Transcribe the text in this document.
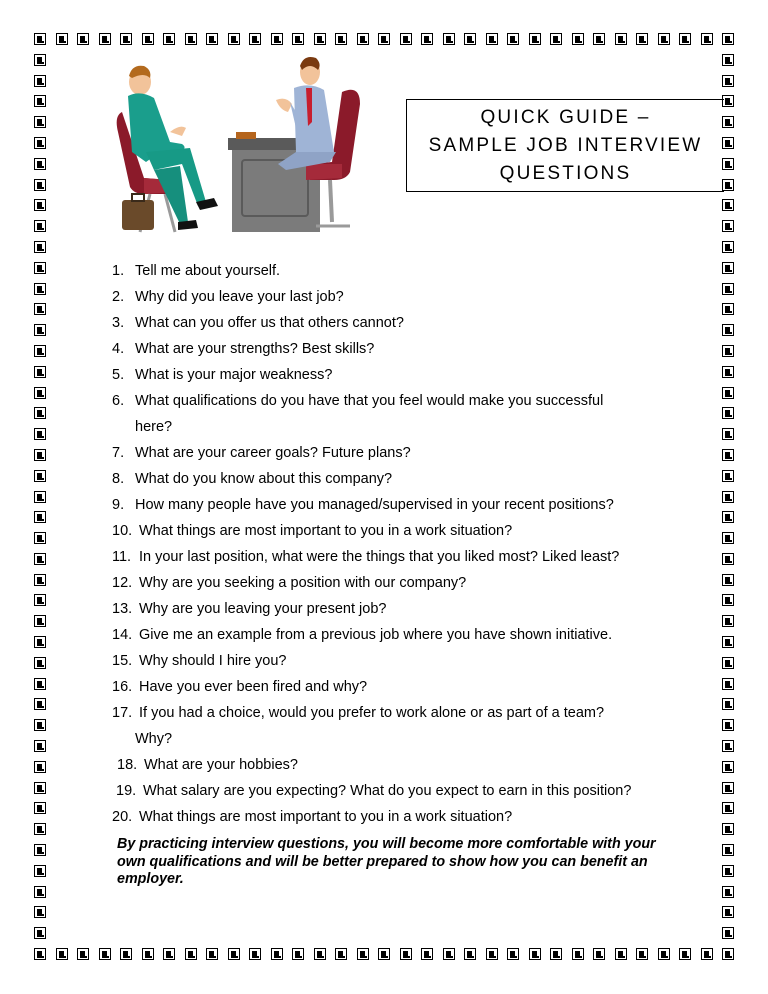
QUICK GUIDE –
SAMPLE JOB INTERVIEW
QUESTIONS
1. Tell me about yourself.
2. Why did you leave your last job?
3. What can you offer us that others cannot?
4. What are your strengths? Best skills?
5. What is your major weakness?
6. What qualifications do you have that you feel would make you successful here?
7. What are your career goals? Future plans?
8. What do you know about this company?
9. How many people have you managed/supervised in your recent positions?
10. What things are most important to you in a work situation?
11. In your last position, what were the things that you liked most? Liked least?
12. Why are you seeking a position with our company?
13. Why are you leaving your present job?
14. Give me an example from a previous job where you have shown initiative.
15. Why should I hire you?
16. Have you ever been fired and why?
17. If you had a choice, would you prefer to work alone or as part of a team? Why?
18. What are your hobbies?
19. What salary are you expecting? What do you expect to earn in this position?
20. What things are most important to you in a work situation?
By practicing interview questions, you will become more comfortable with your own qualifications and will be better prepared to show how you can benefit an employer.
